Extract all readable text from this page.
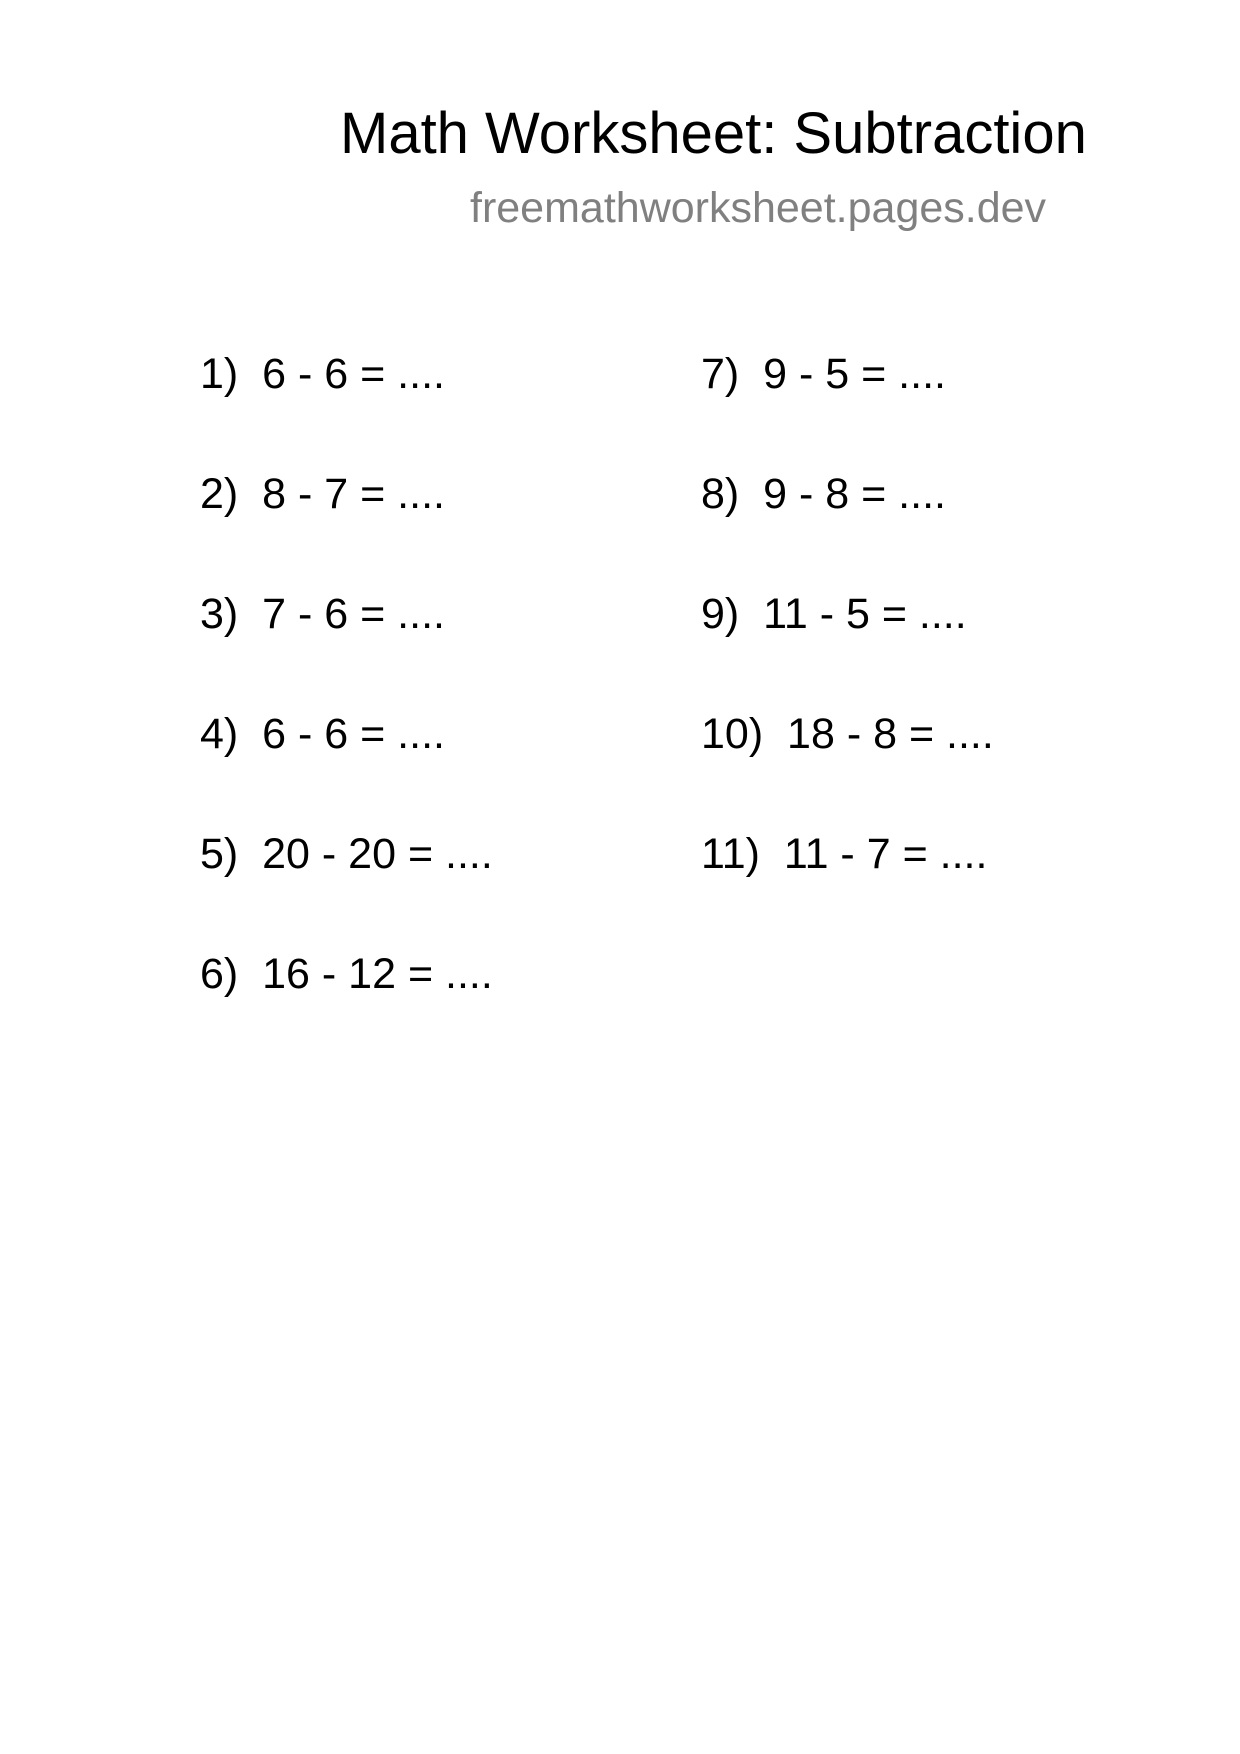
Math Worksheet: Subtraction

freemathworksheet.pages.dev

1)  6 - 6 = ....
2)  8 - 7 = ....
3)  7 - 6 = ....
4)  6 - 6 = ....
5)  20 - 20 = ....
6)  16 - 12 = ....
7)  9 - 5 = ....
8)  9 - 8 = ....
9)  11 - 5 = ....
10)  18 - 8 = ....
11)  11 - 7 = ....
